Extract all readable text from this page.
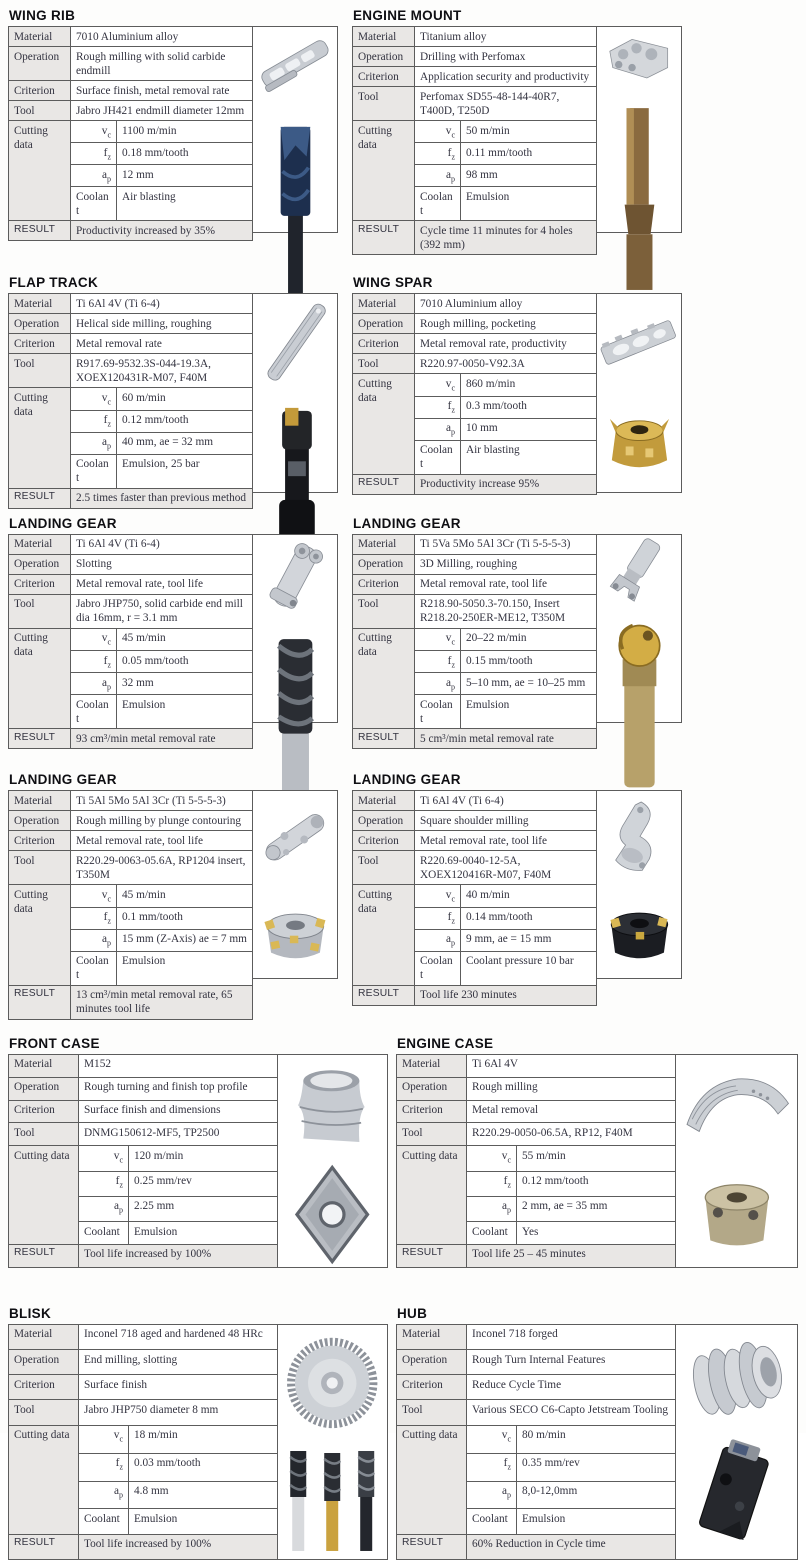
WING RIB
Material	7010 Aluminium alloy	
Operation	Rough milling with solid carbide endmill	
Criterion	Surface finish, metal removal rate	
Tool	Jabro JH421 endmill diameter 12mm	
Cutting data	$v_c$	1100 m/min
	$f_z$	0.18 mm/tooth
	$a_p$	12 mm
	Coolant	Air blasting
RESULT	Productivity increased by 35%	
ENGINE MOUNT
Material	Titanium alloy	
Operation	Drilling with Perfomax	
Criterion	Application security and productivity	
Tool	Perfomax SD55-48-144-40R7, T400D, T250D	
Cutting data	$v_c$	50 m/min
	$f_z$	0.11 mm/tooth
	$a_p$	98 mm
	Coolant	Emulsion
RESULT	Cycle time 11 minutes for 4 holes (392 mm)	
FLAP TRACK
Material	Ti 6Al 4V (Ti 6-4)	
Operation	Helical side milling, roughing	
Criterion	Metal removal rate	
Tool	R917.69-9532.3S-044-19.3A, XOEX120431R-M07, F40M	
Cutting data	$v_c$	60 m/min
	$f_z$	0.12 mm/tooth
	$a_p$	40 mm, ae = 32 mm
	Coolant	Emulsion, 25 bar
RESULT	2.5 times faster than previous method	
WING SPAR
Material	7010 Aluminium alloy	
Operation	Rough milling, pocketing	
Criterion	Metal removal rate, productivity	
Tool	R220.97-0050-V92.3A	
Cutting data	$v_c$	860 m/min
	$f_z$	0.3 mm/tooth
	$a_p$	10 mm
	Coolant	Air blasting
RESULT	Productivity increase 95%	
LANDING GEAR
Material	Ti 6Al 4V (Ti 6-4)	
Operation	Slotting	
Criterion	Metal removal rate, tool life	
Tool	Jabro JHP750, solid carbide end mill dia 16mm, r = 3.1 mm	
Cutting data	$v_c$	45 m/min
	$f_z$	0.05 mm/tooth
	$a_p$	32 mm
	Coolant	Emulsion
RESULT	93 cm³/min metal removal rate	
LANDING GEAR
Material	Ti 5Va 5Mo 5Al 3Cr (Ti 5-5-5-3)	
Operation	3D Milling, roughing	
Criterion	Metal removal rate, tool life	
Tool	R218.90-5050.3-70.150, Insert R218.20-250ER-ME12, T350M	
Cutting data	$v_c$	20–22 m/min
	$f_z$	0.15 mm/tooth
	$a_p$	5–10 mm, ae = 10–25 mm
	Coolant	Emulsion
RESULT	5 cm³/min metal removal rate	
LANDING GEAR
Material	Ti 5Al 5Mo 5Al 3Cr (Ti 5-5-5-3)	
Operation	Rough milling by plunge contouring	
Criterion	Metal removal rate, tool life	
Tool	R220.29-0063-05.6A, RP1204 insert, T350M	
Cutting data	$v_c$	45 m/min
	$f_z$	0.1 mm/tooth
	$a_p$	15 mm (Z-Axis) ae = 7 mm
	Coolant	Emulsion
RESULT	13 cm³/min metal removal rate, 65 minutes tool life	
LANDING GEAR
Material	Ti 6Al 4V (Ti 6-4)	
Operation	Square shoulder milling	
Criterion	Metal removal rate, tool life	
Tool	R220.69-0040-12-5A, XOEX120416R-M07, F40M	
Cutting data	$v_c$	40 m/min
	$f_z$	0.14 mm/tooth
	$a_p$	9 mm, ae = 15 mm
	Coolant	Coolant pressure 10 bar
RESULT	Tool life 230 minutes	
FRONT CASE
Material	M152	
Operation	Rough turning and finish top profile	
Criterion	Surface finish and dimensions	
Tool	DNMG150612-MF5, TP2500	
Cutting data	$v_c$	120 m/min
	$f_z$	0.25 mm/rev
	$a_p$	2.25 mm
	Coolant	Emulsion
RESULT	Tool life increased by 100%	
ENGINE CASE
Material	Ti 6Al 4V	
Operation	Rough milling	
Criterion	Metal removal	
Tool	R220.29-0050-06.5A, RP12, F40M	
Cutting data	$v_c$	55 m/min
	$f_z$	0.12 mm/tooth
	$a_p$	2 mm, ae = 35 mm
	Coolant	Yes
RESULT	Tool life 25 – 45 minutes	
BLISK
Material	Inconel 718 aged and hardened 48 HRc	
Operation	End milling, slotting	
Criterion	Surface finish	
Tool	Jabro JHP750 diameter 8 mm	
Cutting data	$v_c$	18 m/min
	$f_z$	0.03 mm/tooth
	$a_p$	4.8 mm
	Coolant	Emulsion
RESULT	Tool life increased by 100%	
HUB
Material	Inconel 718 forged	
Operation	Rough Turn Internal Features	
Criterion	Reduce Cycle Time	
Tool	Various SECO C6-Capto Jetstream Tooling	
Cutting data	$v_c$	80 m/min
	$f_z$	0.35 mm/rev
	$a_p$	8,0-12,0mm
	Coolant	Emulsion
RESULT	60% Reduction in Cycle time	
